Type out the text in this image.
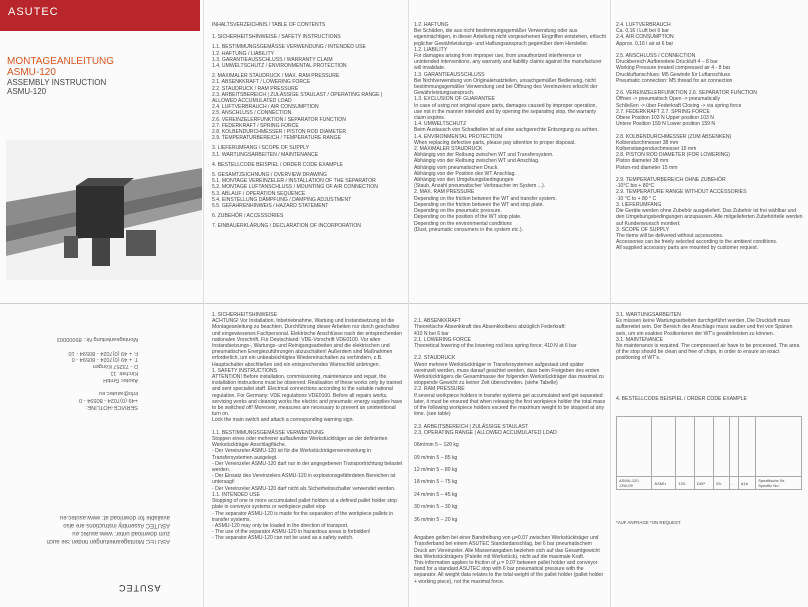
ASUTEC
MONTAGEANLEITUNG
ASMU-120
ASSEMBLY INSTRUCTION
ASMU-120
SERVICE-HOTLINE:
+49 (0)7024 - 80594 - 0
info@asutec.eu

Asutec GmbH
Kirchstr. 11
D - 73257 Köngen
T. + 49 (0)7024 - 80594 - 0
F. + 49 (0)7024 - 80594 - 10

Montageanleitung Nr.: 85000003
ASUTEC Montageanleitungen finden Sie auch
zum download unter: www.asutec.eu
ASUTEC Assembly instructions are also
available for download at: www.asutec.eu
ASUTEC
INHALTSVERZEICHNIS / TABLE OF CONTENTS
1. SICHERHEITSHINWEISE / SAFETY INSTRUCTIONS
1.1. BESTIMMUNGSGEMÄSSE VERWENDUNG / INTENDED USE
1.2. HAFTUNG / LIABILITY
1.3. GARANTIEAUSSCHLUSS / WARRANTY CLAIM
1.4. UMWELTSCHUTZ / ENVIRONMENTAL PROTECTION
2. MAXIMALER STAUDRUCK / MAX. RAM PRESSURE
2.1. ABSENKKRAFT / LOWERING FORCE
2.2. STAUDRUCK / RAM PRESSURE
2.3. ARBEITSBEREICH | ZULÄSSIGE STAULAST / OPERATING RANGE | ALLOWED ACCUMULATED LOAD
2.4. LUFTVERBRAUCH / AIR CONSUMPTION
2.5. ANSCHLUSS / CONNECTION
2.6. VEREINZELERFUNKTION / SEPARATOR FUNCTION
2.7. FEDERKRAFT / SPRING FORCE
2.8. KOLBENDURCHMESSER / PISTON ROD DIAMETER
2.9. TEMPERATURBEREICH / TEMPERATURE RANGE
3. LIEFERUMFANG / SCOPE OF SUPPLY
3.1. WARTUNGSARBEITEN / MAINTENANCE
4. BESTELLCODE BEISPIEL / ORDER CODE EXAMPLE
5. GESAMTZEICHNUNG / OVERVIEW DRAWING
5.1. MONTAGE VEREINZELER / INSTALLATION OF THE SEPARATOR
5.2. MONTAGE LUFTANSCHLUSS / MOUNTING OF AIR CONNECTION
5.3. ABLAUF / OPERATION SEQUENCE
5.4. EINSTELLUNG DÄMPFUNG / DAMPING ADJUSTMENT
5.5. GEFAHRENHINWEIS / HAZARD STATEMENT
6. ZUBEHÖR / ACCESSORIES
7. EINBAUERKLÄRUNG / DECLARATION OF INCORPORATION
1.2. HAFTUNG
Bei Schäden, die aus nicht bestimmungsgemäßer Verwendung oder aus eigenmächtigen, in dieser Anleitung nicht vorgesehenen Eingriffen entstehen, erlischt jeglicher Gewährleistungs- und Haftungsanspruch gegenüber dem Hersteller.
1.2. LIABILITY
For damages arising from improper use, from unauthorized interference or unintended interventions, any warranty and liability claims against the manufacturer will invalidate.
1.3. GARANTIEAUSSCHLUSS
Bei Nichtverwendung von Originalersatzteilen, unsachgemäßer Bedienung, nicht bestimmungsgemäßer Verwendung und bei Öffnung des Vereinzelers erlischt der Gewährleistungsanspruch.
1.3. EXCLUSION OF GUARANTEE
In case of using not original spare parts, damages caused by improper operation, use not in the manner intended and by opening the separating stop, the warranty claim expires.
1.4. UMWELTSCHUTZ
Beim Austausch von Schadteilen ist auf eine sachgerechte Entsorgung zu achten.
1.4. ENVIRONMENTAL PROTECTION
When replacing defective parts, please pay attention to proper disposal.
2. MAXIMALER STAUDRUCK
Abhängig von der Reibung zwischen WT und Transfersystem.
Abhängig von der Reibung zwischen WT und Anschlag.
Abhängig vom pneumatischen Druck.
Abhängig von der Position des WT Anschlag.
Abhängig von den Umgebungsbedingungen
(Staub, Anzahl pneumatischer Verbraucher im System ...).
2. MAX. RAM PRESSURE
Depending on the friction between the WT and transfer system.
Depending on the friction between the WT and stop plate.
Depending on the pneumatic pressure.
Depending on the position of the WT stop plate.
Depending on the environmental conditions
(Dust, pneumatic consumers in the system etc.).
2.4. LUFTVERBRAUCH
Ca. 0,16 l Luft bei 6 bar
2.4. AIR CONSUMPTION
Approx. 0,16 l air at 6 bar

2.5. ANSCHLUSS / CONNECTION
Druckbereich Aufbereitete Druckluft 4 – 8 bar
Working Pressure treated compressed air 4 - 8 bar
Druckluftanschluss: M5 Gewinde für Luftanschluss
Pneumatic connection: M5 thread for air connection

2.6. VEREINZELERFUNKTION 2.6. SEPARATOR FUNCTION
Öffnen -> pneumatisch Open -> pneumatically
Schließen -> über Federkraft Closing -> via spring force
2.7. FEDERKRAFT 2.7. SPRING FORCE
Obere Position 103 N Upper position 103 N
Untere Position 159 N Lower position 159 N

2.8. KOLBENDURCHMESSER (ZUM ABSENKEN)
Kolbendurchmesser 38 mm
Kolbenstangendurchmesser 15 mm
2.8. PISTON ROD DIAMETER (FOR LOWERING)
Piston diameter 38 mm
Piston-rod diameter 15 mm

2.9. TEMPERATURBEREICH OHNE ZUBEHÖR
-10°C bis + 80°C
2.9. TEMPERATURE RANGE WITHOUT ACCESSORIES
-10 °C to + 80 ° C
3. LIEFERUMFANG
Die Geräte werden ohne Zubehör ausgeliefert. Das Zubehör ist frei wählbar und den Umgebungsbedingungen anzupassen. Alle mitgelieferten Zubehörteile werden auf Kundenwunsch montiert.
3. SCOPE OF SUPPLY
The items will be delivered without accessories.
Accessories can be freely selected according to the ambient conditions.
All supplied accessory parts are mounted by customer request.
1. SICHERHEITSHINWEISE
ACHTUNG! Vor Installation, Inbetriebnahme, Wartung und Instandsetzung ist die Montageanleitung zu beachten. Durchführung dieser Arbeiten nur durch geschultes und eingewiesenes Fachpersonal. Elektrische Anschlüsse nach der entsprechenden nationalen Vorschrift. Für Deutschland: VDE-Vorschrift VDE0100. Vor allen Instandsetzungs-, Wartungs- und Reinigungsarbeiten sind die elektrischen und pneumatischen Energiezuführungen abzuschalten! Außerdem sind Maßnahmen erforderlich, um ein unbeabsichtigtes Wiedereinschalten zu verhindern, z.B. Hauptschalter abschließen und ein entsprechendes Warnschild anbringen.
1. SAFETY INSTRUCTIONS
ATTENTION! Before installation, commissioning, maintenance and repair, the installation instructions must be observed. Realisation of these works only by trained and sent specialist staff. Electrical connections according to the suitable national regulation. For Germany: VDE regulations VDE0100. Before all repairs works, servicing works and cleaning works the electric and pneumatic energy supplies have to be switched off! Moreover, measures are necessary to prevent an unintentional turn on.
Lock the main switch and attach a corresponding warning sign.

1.1. BESTIMMUNGSGEMÄSSE VERWENDUNG
Stoppen eines oder mehrerer auflaufender Werkstückträger an der definierten Werkstückträger Anschlagfläche.
- Der Vereinzeler ASMU-120 ist für die Werkstückträgervereinzelung in Transfersystemen ausgelegt.
- Der Vereinzeler ASMU-120 darf nur in der angegebenen Transportrichtung belastet werden.
- Der Einsatz des Vereinzelers ASMU-120 in explosionsgefährdeten Bereichen ist untersagt!
- Der Vereinzeler ASMU-120 darf nicht als Sicherheitsschalter verwendet werden.
1.1. INTENDED USE
Stopping of one or more accumulated pallet holders at a defined pallet holder stop plate in conveyor systems or workpiece pallet stop
- The separator ASMU-120 is made for the separation of the workpiece pallets in transfer systems.
- ASMU-120 may only be loaded in the direction of transport.
- The use of the separator ASMU-120 in hazardous areas is forbidden!
- The separator ASMU-120 can not be used as a safety switch.

2.1. ABSENKKRAFT
Theoretische Absenkkraft des Absenkkolbens abzüglich Federkraft:
410 N bei 6 bar
2.1. LOWERING FORCE
Theoretical lowering of the lowering rod less spring force: 410 N at 6 bar

2.2. STAUDRUCK
Wenn mehrere Werkstückträger in Transfersystemen aufgestaut und später vereinzelt werden, muss darauf geachtet werden, dass beim Freigeben des ersten Werkstückträgers die Gesamtmasse der folgenden Werkstückträger das maximal zu stoppende Gewicht zu keiner Zeit überschreiten. (siehe Tabelle)
2.2. RAM PRESSURE
If several workpiece holders in transfer systems get accumulated and get separated later, it must be ensured that when releasing the first workpiece holder the total mass of the following workpiece holders exceed the maximum weight to be stopped at any time. (see table)

2.3. ARBEITSBEREICH | ZULÄSSIGE STAULAST
2.3. OPERATING RANGE | ALLOWED ACCUMULATED LOAD

06m/min 5 – 120 kg

09 m/min 5 – 85 kg

12 m/min 5 – 80 kg

18 m/min 5 – 75 kg

24 m/min 5 – 45 kg

30 m/min 5 – 30 kg

36 m/min 5 – 20 kg

Angaben gelten bei einer Bandreibung von µ=0,07 zwischen Werkstückträger und Transferband bei einem ASUTEC Standardanschlag, bei 6 bar pneumatischem Druck am Vereinzeler. Alle Massenangaben beziehen sich auf das Gesamtgewicht des Werkstückträgers (Palette mit Werkstück), nicht auf die maximale Kraft.
This information applies to friction of µ = 0,07 between pallet holder and conveyor band for a standard ASUTEC stop with 6 bar pneumatical pressure with the separator. All weight data relates to the total weight of the pallet holder (pallet holder + working piece), not the maximal force.

3.1. WARTUNGSARBEITEN
Es müssen keine Wartungsarbeiten durchgeführt werden. Die Druckluft muss aufbereitet sein. Der Bereich des Anschlags muss sauber und frei von Spänen sein, um ein exaktes Positionieren der WT's gewährleisten zu können.
3.1. MAINTENANCE
No maintenance is required. The compressed air have to be processed. The area of the stop should be clean and free of chips, in order to ensure an exact positioning of WT's.
4. BESTELLCODE BEISPIEL / ORDER CODE EXAMPLE

ASMU-120
-DW-09	ASMU	120-	DW*	09-	-	A1b	Spezifische Nr.
Specific No.
*AUF ANFRAGE *ON REQUEST
